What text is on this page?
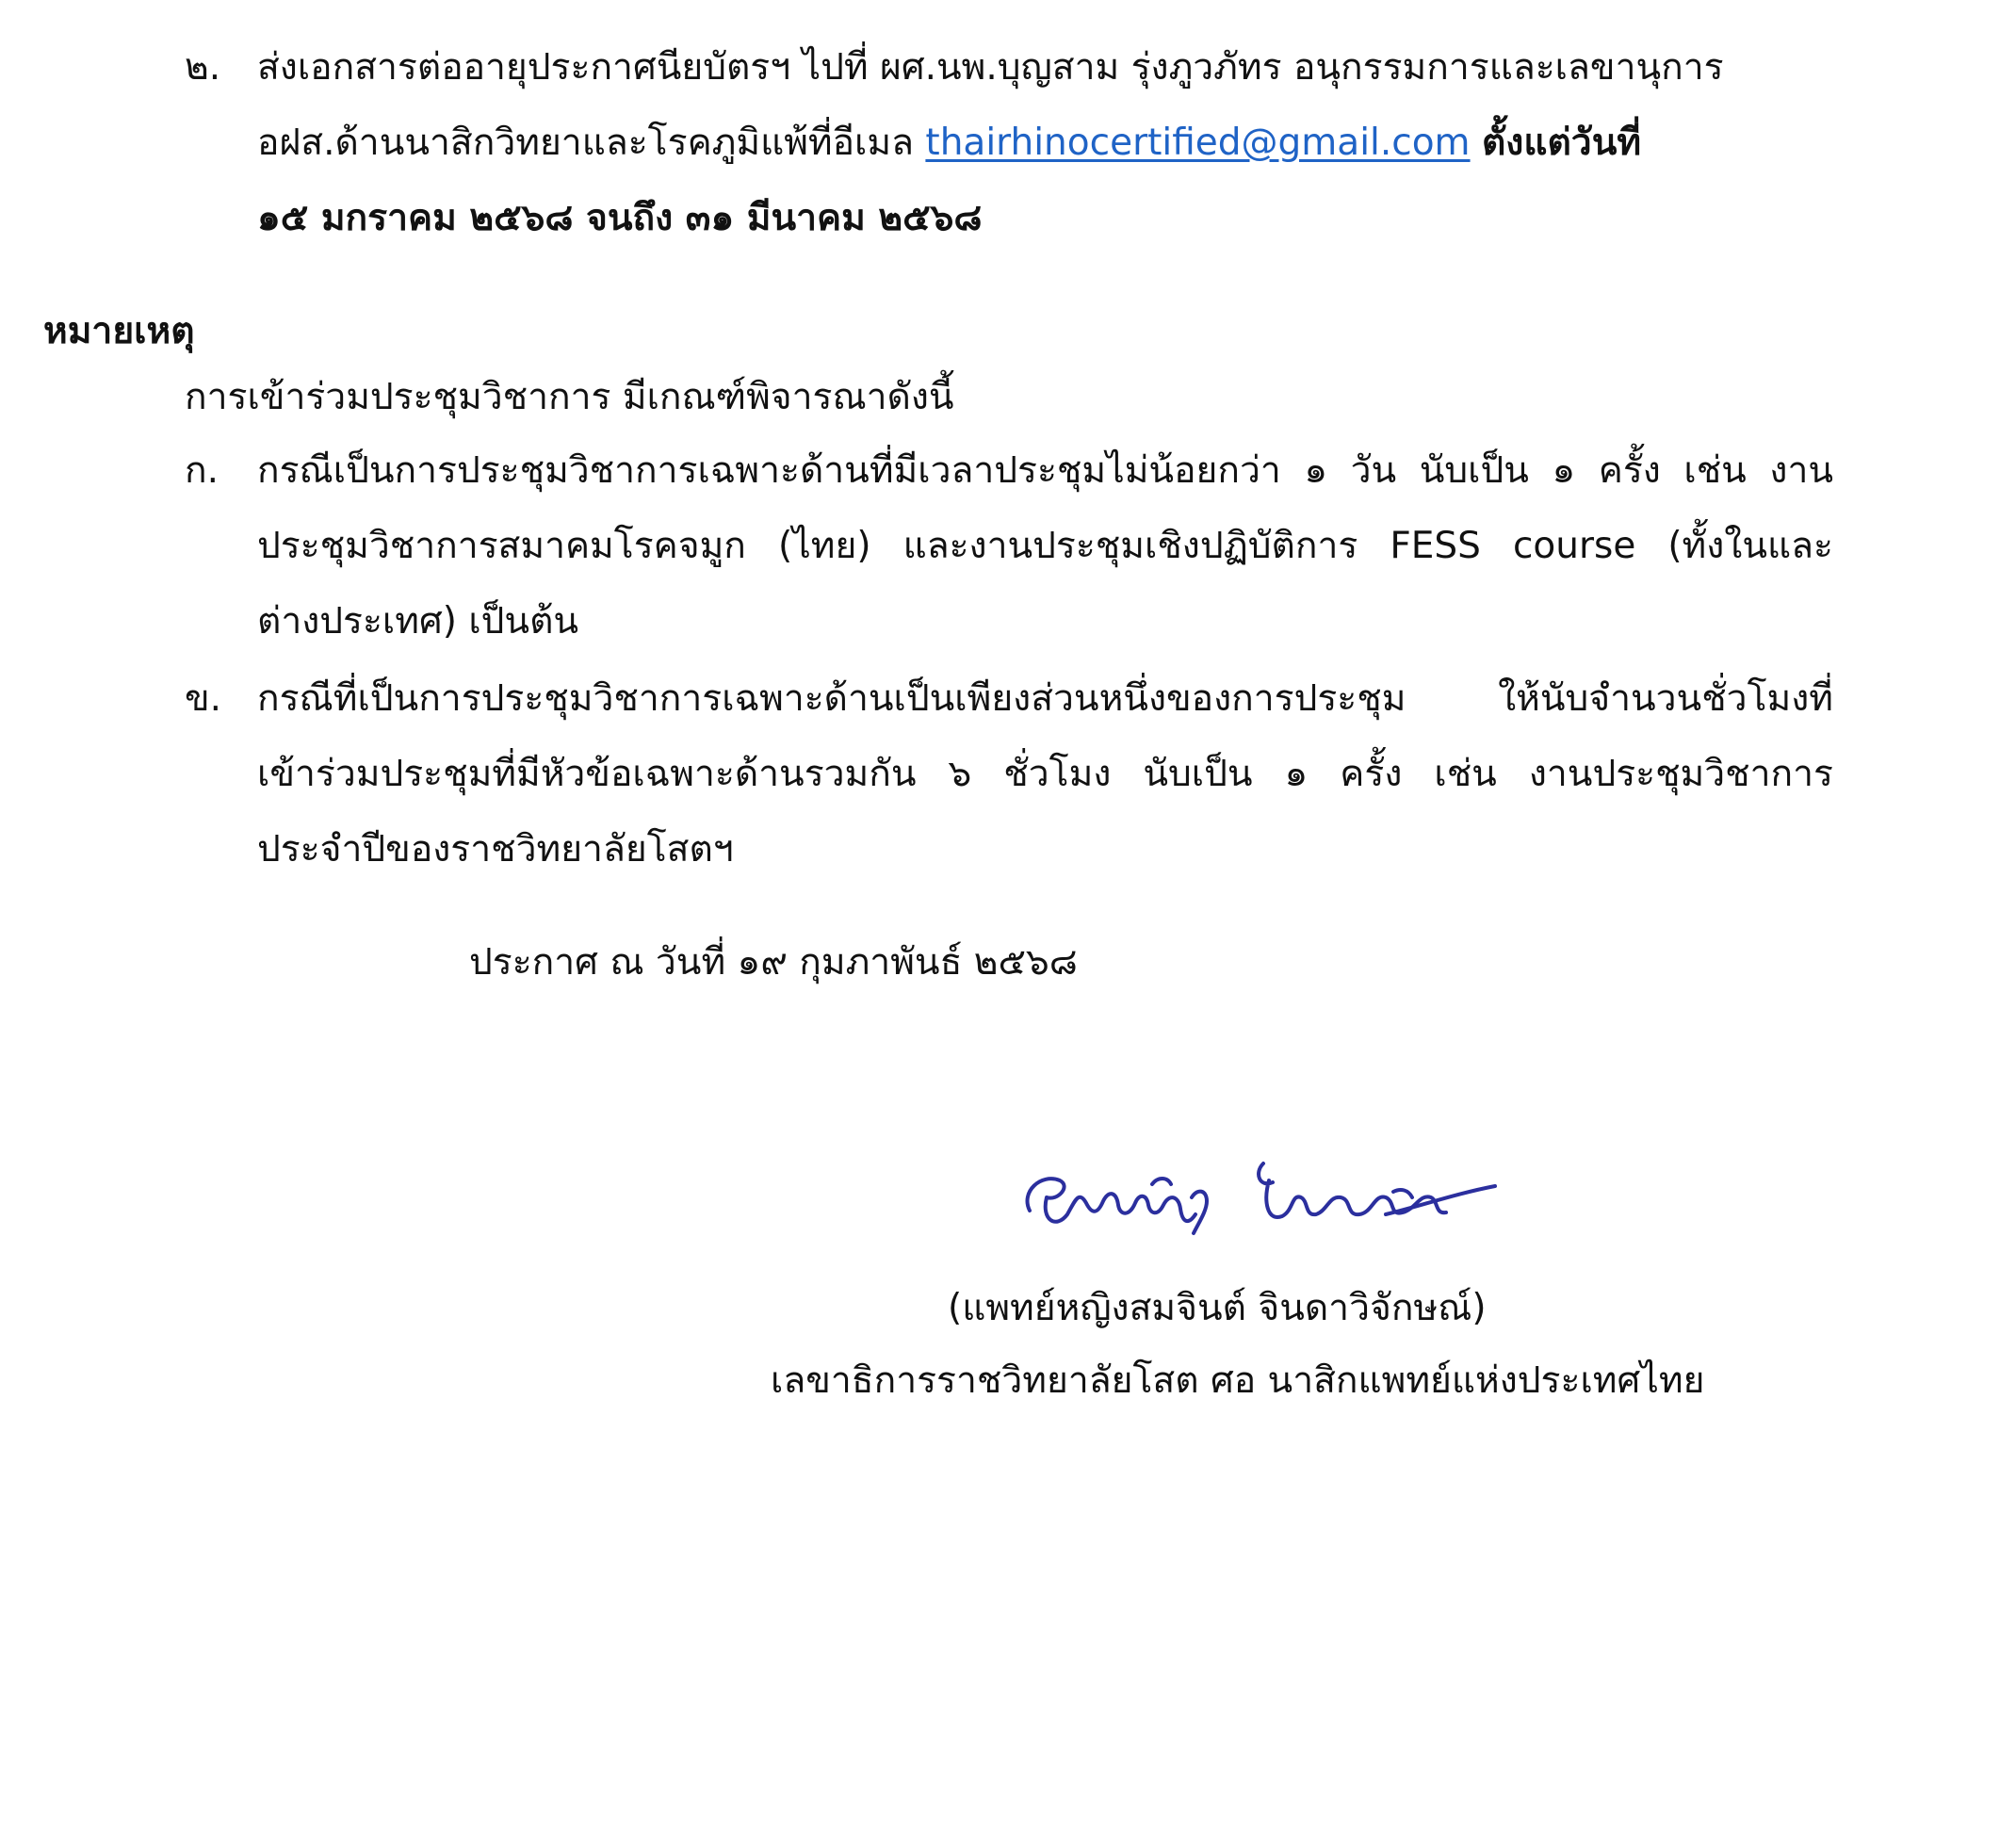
๒. ส่งเอกสารต่ออายุประกาศนียบัตรฯ ไปที่ ผศ.นพ.บุญสาม รุ่งภูวภัทร อนุกรรมการและเลขานุการ
อฝส.ด้านนาสิกวิทยาและโรคภูมิแพ้ที่อีเมล thairhinocertified@gmail.com ตั้งแต่วันที่
๑๕ มกราคม ๒๕๖๘ จนถึง ๓๑ มีนาคม ๒๕๖๘
หมายเหตุ
การเข้าร่วมประชุมวิชาการ มีเกณฑ์พิจารณาดังนี้
ก. กรณีเป็นการประชุมวิชาการเฉพาะด้านที่มีเวลาประชุมไม่น้อยกว่า ๑ วัน นับเป็น ๑ ครั้ง เช่น งาน
ประชุมวิชาการสมาคมโรคจมูก (ไทย) และงานประชุมเชิงปฏิบัติการ FESS course (ทั้งในและ
ต่างประเทศ) เป็นต้น
ข. กรณีที่เป็นการประชุมวิชาการเฉพาะด้านเป็นเพียงส่วนหนึ่งของการประชุม ให้นับจำนวนชั่วโมงที่
เข้าร่วมประชุมที่มีหัวข้อเฉพาะด้านรวมกัน ๖ ชั่วโมง นับเป็น ๑ ครั้ง เช่น งานประชุมวิชาการ
ประจำปีของราชวิทยาลัยโสตฯ
ประกาศ ณ วันที่ ๑๙ กุมภาพันธ์ ๒๕๖๘
(แพทย์หญิงสมจินต์ จินดาวิจักษณ์)
เลขาธิการราชวิทยาลัยโสต ศอ นาสิกแพทย์แห่งประเทศไทย
